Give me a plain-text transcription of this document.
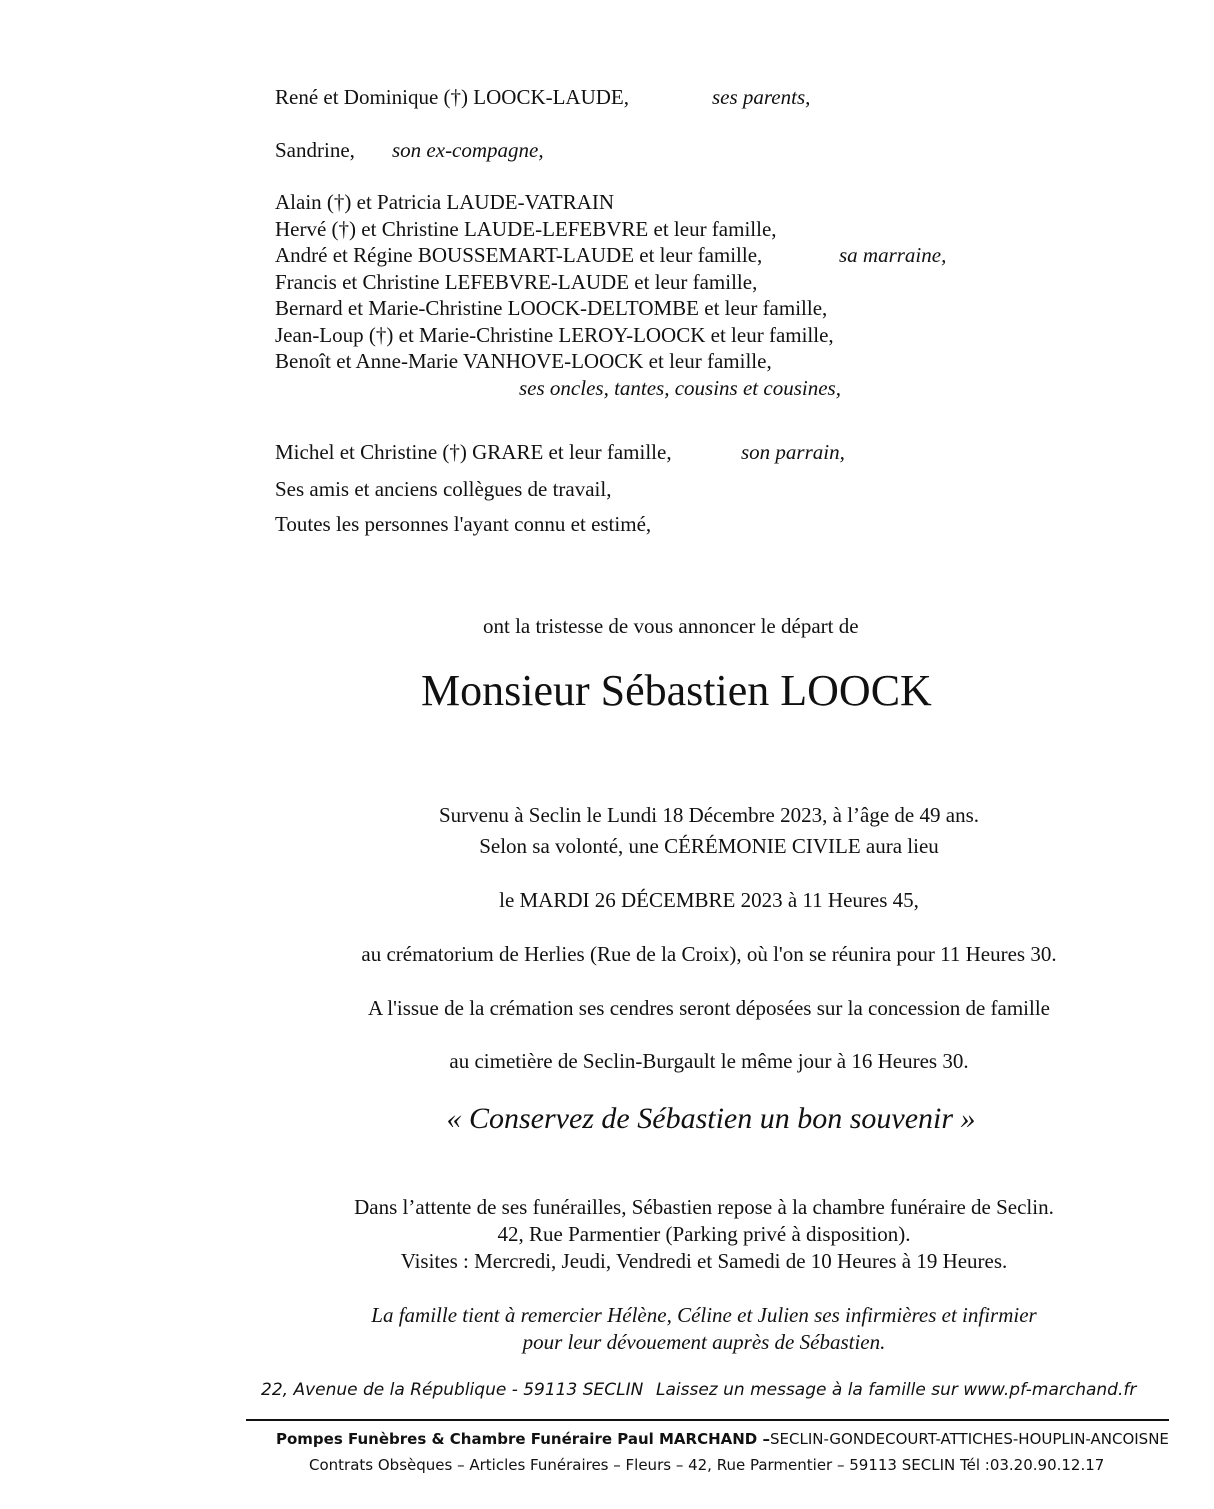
René et Dominique (†) LOOCK-LAUDE,	ses parents,
Sandrine, son ex-compagne,
Alain (†) et Patricia LAUDE-VATRAIN
Hervé (†) et Christine LAUDE-LEFEBVRE et leur famille,
André et Régine BOUSSEMART-LAUDE et leur famille,	sa marraine,
Francis et Christine LEFEBVRE-LAUDE et leur famille,
Bernard et Marie-Christine LOOCK-DELTOMBE et leur famille,
Jean-Loup (†) et Marie-Christine LEROY-LOOCK et leur famille,
Benoît et Anne-Marie VANHOVE-LOOCK et leur famille,
ses oncles, tantes, cousins et cousines,
Michel et Christine (†) GRARE et leur famille,	son parrain,
Ses amis et anciens collègues de travail,
Toutes les personnes l'ayant connu et estimé,
ont la tristesse de vous annoncer le départ de
Monsieur Sébastien LOOCK
Survenu à Seclin le Lundi 18 Décembre 2023, à l’âge de 49 ans.
Selon sa volonté, une CÉRÉMONIE CIVILE aura lieu
le MARDI 26 DÉCEMBRE 2023 à 11 Heures 45,
au crématorium de Herlies (Rue de la Croix), où l'on se réunira pour 11 Heures 30.
A l'issue de la crémation ses cendres seront déposées sur la concession de famille
au cimetière de Seclin-Burgault le même jour à 16 Heures 30.
« Conservez de Sébastien un bon souvenir »
Dans l’attente de ses funérailles, Sébastien repose à la chambre funéraire de Seclin.
42, Rue Parmentier (Parking privé à disposition).
Visites : Mercredi, Jeudi, Vendredi et Samedi de 10 Heures à 19 Heures.
La famille tient à remercier Hélène, Céline et Julien ses infirmières et infirmier
pour leur dévouement auprès de Sébastien.
22, Avenue de la République - 59113 SECLIN Laissez un message à la famille sur www.pf-marchand.fr
Pompes Funèbres & Chambre Funéraire Paul MARCHAND –SECLIN-GONDECOURT-ATTICHES-HOUPLIN-ANCOISNE
Contrats Obsèques – Articles Funéraires – Fleurs – 42, Rue Parmentier – 59113 SECLIN Tél :03.20.90.12.17
